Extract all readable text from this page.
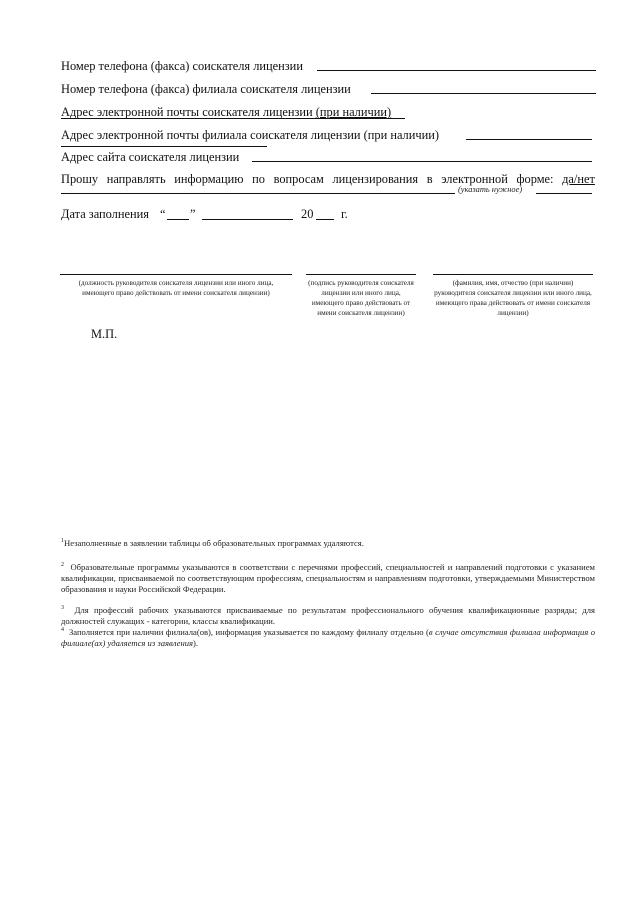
Номер телефона (факса) соискателя лицензии
Номер телефона (факса) филиала соискателя лицензии
Адрес электронной почты соискателя лицензии (при наличии)
Адрес электронной почты филиала соискателя лицензии (при наличии)
Адрес сайта соискателя лицензии
Прошу направлять информацию по вопросам лицензирования в электронной форме: да/нет
(указать нужное)
Дата заполнения “ ”	20 г.
(должность руководителя соискателя лицензии или иного лица, имеющего право действовать от имени соискателя лицензии)
(подпись руководителя соискателя лицензии или иного лица, имеющего право действовать от имени соискателя лицензии)
(фамилия, имя, отчество (при наличии) руководителя соискателя лицензии или иного лица, имеющего права действовать от имени соискателя лицензии)
М.П.
$^1$Незаполненные в заявлении таблицы об образовательных программах удаляются.
$^2$ Образовательные программы указываются в соответствии с перечнями профессий, специальностей и направлений подготовки с указанием квалификации, присваиваемой по соответствующим профессиям, специальностям и направлениям подготовки, утверждаемыми Министерством образования и науки Российской Федерации.
$^3$ Для профессий рабочих указываются присваиваемые по результатам профессионального обучения квалификационные разряды; для должностей служащих - категории, классы квалификации.
$^4$ Заполняется при наличии филиала(ов), информация указывается по каждому филиалу отдельно (в случае отсутствия филиала информация о филиале(ах) удаляется из заявления).
